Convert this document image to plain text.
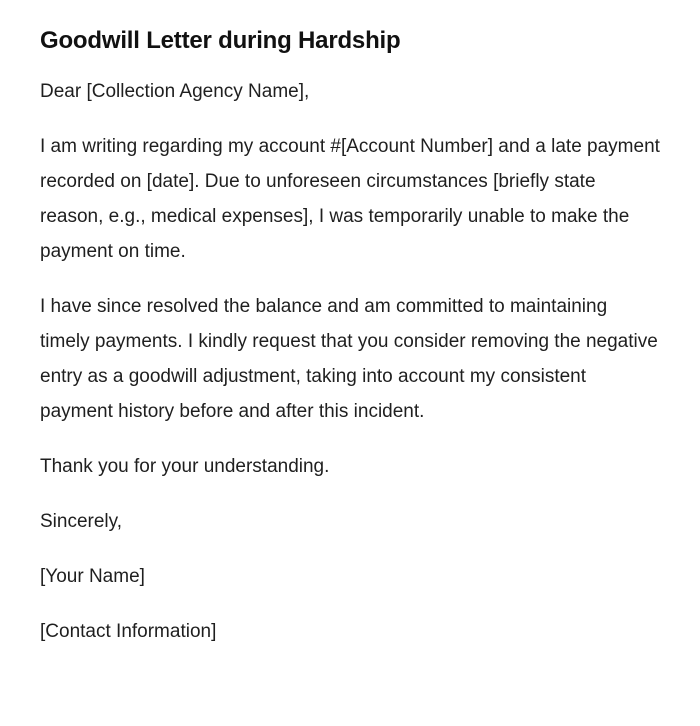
Goodwill Letter during Hardship

Dear [Collection Agency Name],

I am writing regarding my account #[Account Number] and a late payment recorded on [date]. Due to unforeseen circumstances [briefly state reason, e.g., medical expenses], I was temporarily unable to make the payment on time.

I have since resolved the balance and am committed to maintaining timely payments. I kindly request that you consider removing the negative entry as a goodwill adjustment, taking into account my consistent payment history before and after this incident.

Thank you for your understanding.

Sincerely,

[Your Name]

[Contact Information]
